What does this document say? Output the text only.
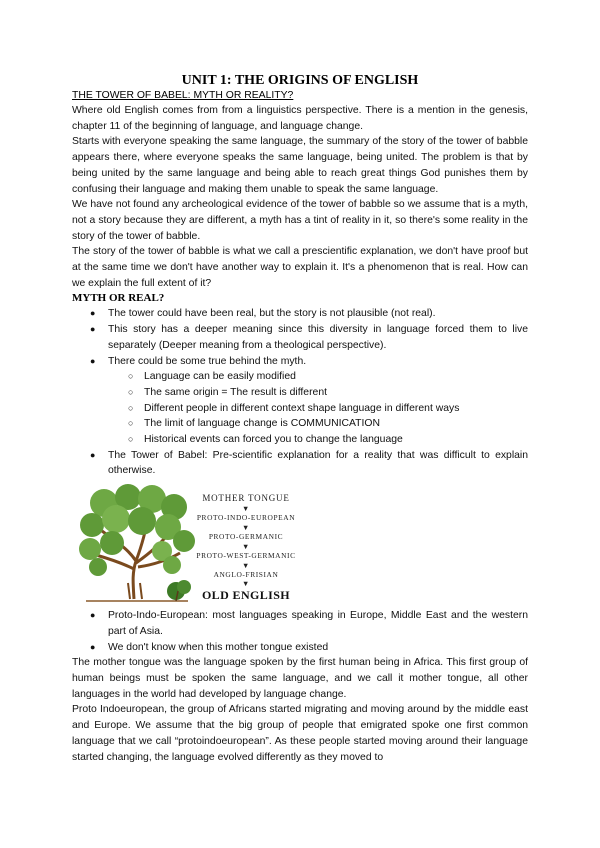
UNIT 1: THE ORIGINS OF ENGLISH
THE TOWER OF BABEL: MYTH OR REALITY?

Where old English comes from from a linguistics perspective. There is a mention in the genesis, chapter 11 of the beginning of language, and language change.

Starts with everyone speaking the same language, the summary of the story of the tower of babble appears there, where everyone speaks the same language, being united. The problem is that by being united by the same language and being able to reach great things God punishes them by confusing their language and making them unable to speak the same language.

We have not found any archeological evidence of the tower of babble so we assume that is a myth, not a story because they are different, a myth has a tint of reality in it, so there's some reality in the story of the tower of babble.

The story of the tower of babble is what we call a prescientific explanation, we don't have proof but at the same time we don't have another way to explain it. It's a phenomenon that is real. How can we explain the full extent of it?

MYTH OR REAL?
● The tower could have been real, but the story is not plausible (not real).
● This story has a deeper meaning since this diversity in language forced them to live separately (Deeper meaning from a theological perspective).
● There could be some true behind the myth.
○ Language can be easily modified
○ The same origin = The result is different
○ Different people in different context shape language in different ways
○ The limit of language change is COMMUNICATION
○ Historical events can forced you to change the language
● The Tower of Babel: Pre-scientific explanation for a reality that was difficult to explain otherwise.
MOTHER TONGUE
▼
PROTO-INDO-EUROPEAN
▼
PROTO-GERMANIC
▼
PROTO-WEST-GERMANIC
▼
ANGLO-FRISIAN
▼
OLD ENGLISH
● Proto-Indo-European: most languages speaking in Europe, Middle East and the western part of Asia.
● We don't know when this mother tongue existed

The mother tongue was the language spoken by the first human being in Africa. This first group of human beings must be spoken the same language, and we call it mother tongue, all other languages in the world had developed by language change.

Proto Indoeuropean, the group of Africans started migrating and moving around by the middle east and Europe. We assume that the big group of people that emigrated spoke one first common language that we call “protoindoeuropean”. As these people started moving around their language started changing, the language evolved differently as they moved to
